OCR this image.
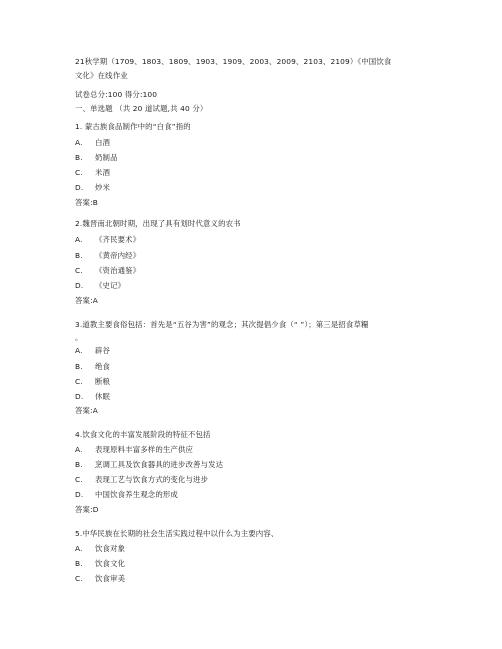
21秋学期（1709、1803、1809、1903、1909、2003、2009、2103、2109）《中国饮食

文化》在线作业

试卷总分:100 得分:100

一、单选题 （共 20 道试题,共 40 分）

1. 蒙古族食品制作中的“白食”指的

A. 白酒

B. 奶制品

C. 米酒

D. 炒米

答案:B

2.魏晋南北朝时期，出现了具有划时代意义的农书

A. 《齐民要术》

B. 《黄帝内经》

C. 《资治通鉴》

D. 《史记》

答案:A

3.道教主要食俗包括：首先是“五谷为害”的观念；其次提倡少食（“ ”）；第三是招食草糧

。

A. 辟谷

B. 绝食

C. 断粮

D. 休眠

答案:A

4.饮食文化的丰富发展阶段的特征不包括

A. 表现原料丰富多样的生产供应

B. 烹调工具及饮食器具的进步改善与发达

C. 表现工艺与饮食方式的变化与进步

D. 中国饮食养生观念的形成

答案:D

5.中华民族在长期的社会生活实践过程中以什么为主要内容、

A. 饮食对象

B. 饮食文化

C. 饮食审美
